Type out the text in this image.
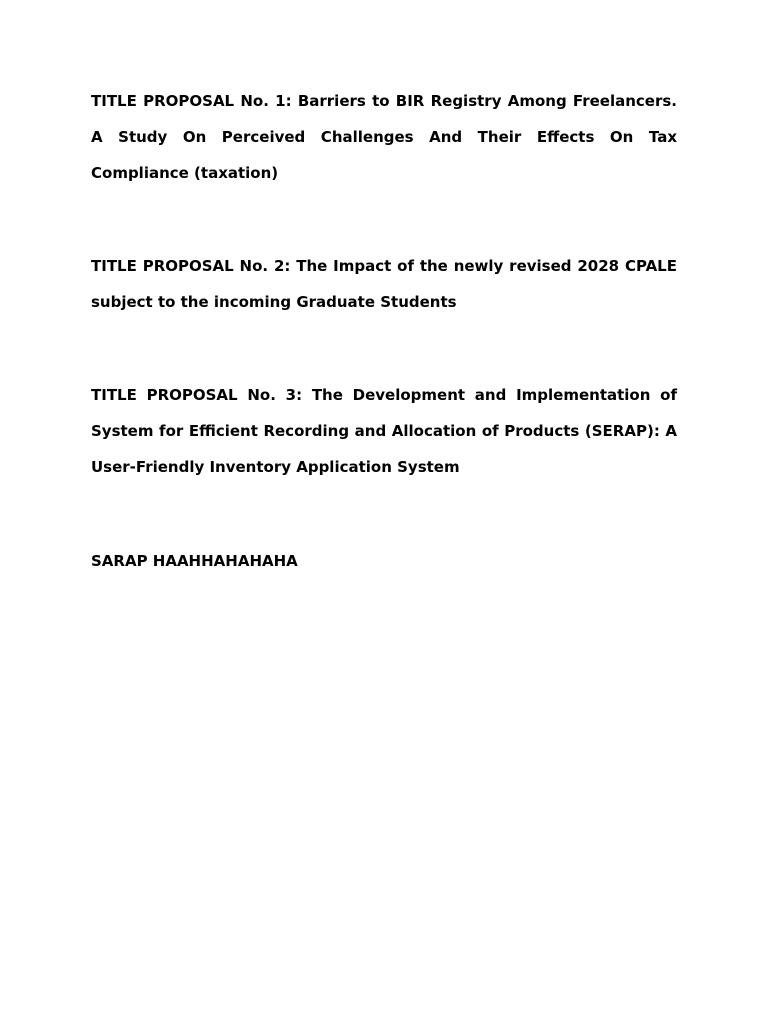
TITLE PROPOSAL No. 1: Barriers to BIR Registry Among Freelancers. A Study On Perceived Challenges And Their Effects On Tax Compliance (taxation)

TITLE PROPOSAL No. 2: The Impact of the newly revised 2028 CPALE subject to the incoming Graduate Students

TITLE PROPOSAL No. 3: The Development and Implementation of System for Efficient Recording and Allocation of Products (SERAP): A User-Friendly Inventory Application System

SARAP HAAHHAHAHAHA
